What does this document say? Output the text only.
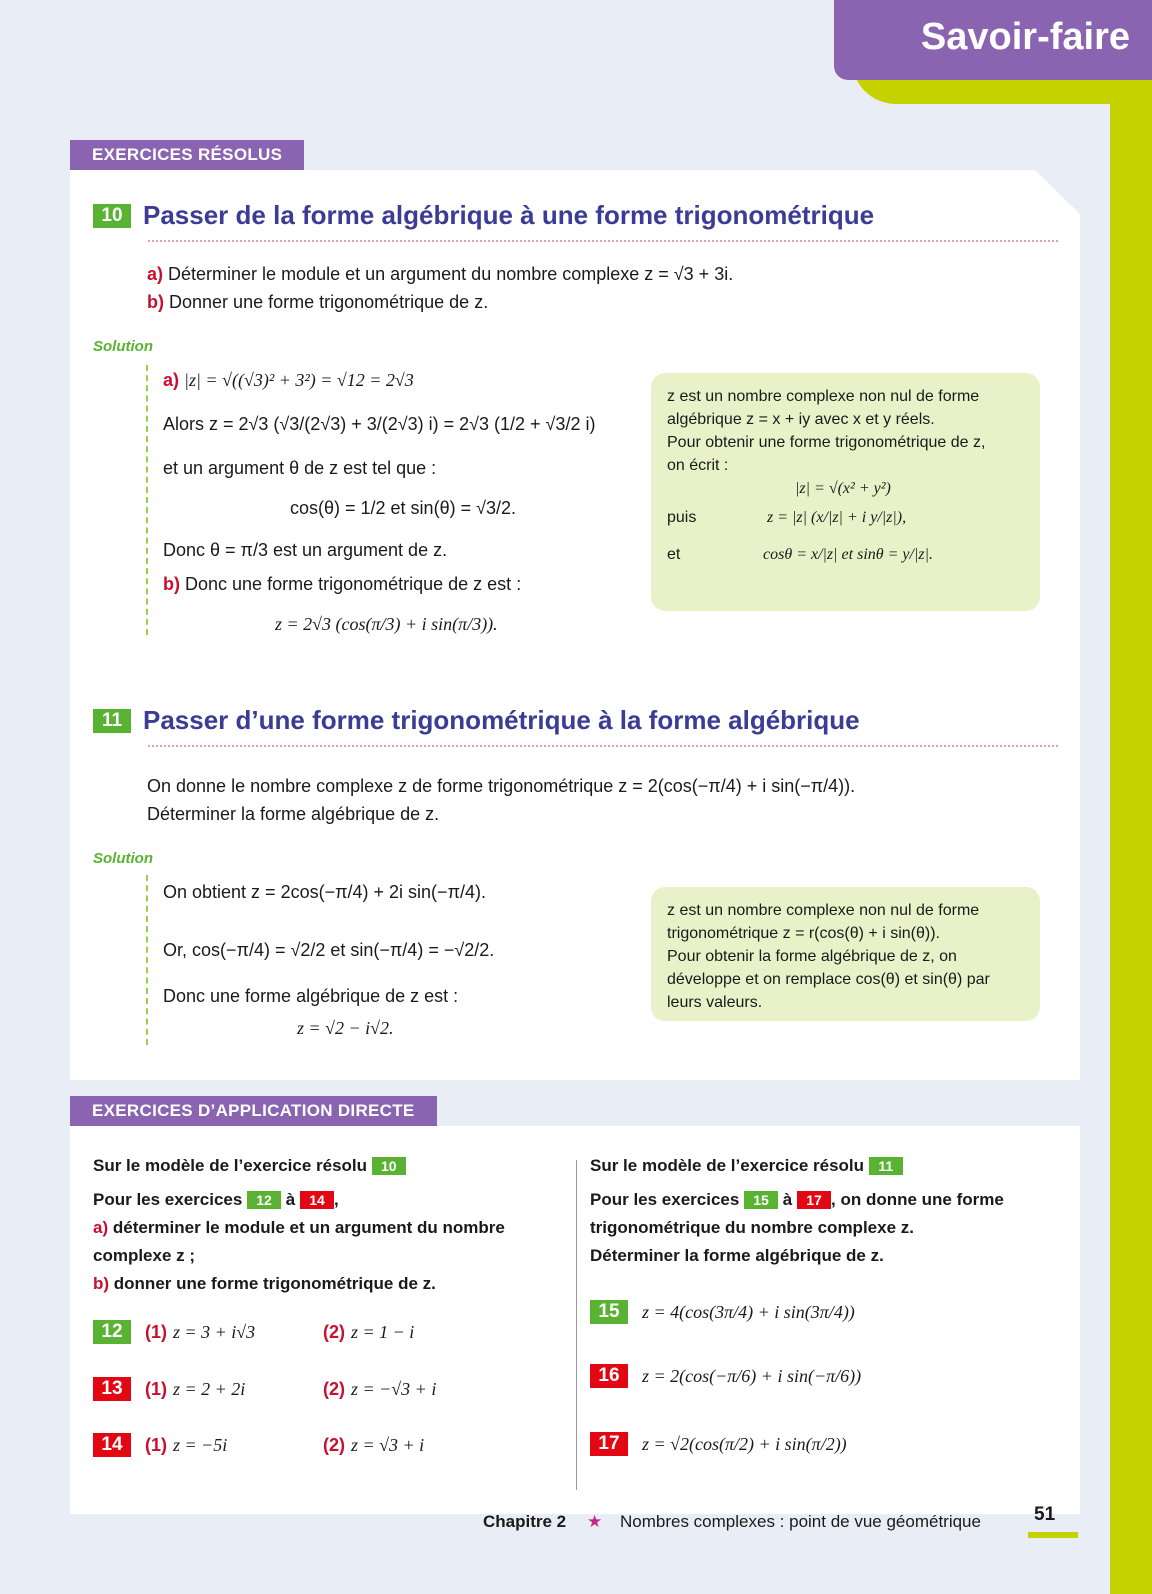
Savoir-faire
EXERCICES RÉSOLUS
10 Passer de la forme algébrique à une forme trigonométrique
a) Déterminer le module et un argument du nombre complexe z = √3 + 3i.
b) Donner une forme trigonométrique de z.
Solution
a) |z| = √((√3)² + 3²) = √12 = 2√3
Alors z = 2√3 (√3/(2√3) + 3/(2√3) i) = 2√3 (1/2 + √3/2 i)
et un argument θ de z est tel que :
cos(θ) = 1/2 et sin(θ) = √3/2.
Donc θ = π/3 est un argument de z.
b) Donc une forme trigonométrique de z est :
z = 2√3 (cos(π/3) + i sin(π/3)).
z est un nombre complexe non nul de forme
algébrique z = x + iy avec x et y réels.
Pour obtenir une forme trigonométrique de z,
on écrit :
|z| = √(x² + y²)
puis	z = |z| (x/|z| + i y/|z|),
et	cosθ = x/|z| et sinθ = y/|z|.
11 Passer d’une forme trigonométrique à la forme algébrique
On donne le nombre complexe z de forme trigonométrique z = 2(cos(−π/4) + i sin(−π/4)).
Déterminer la forme algébrique de z.
Solution
On obtient z = 2cos(−π/4) + 2i sin(−π/4).
Or, cos(−π/4) = √2/2 et sin(−π/4) = −√2/2.
Donc une forme algébrique de z est :
z = √2 − i√2.
z est un nombre complexe non nul de forme
trigonométrique z = r(cos(θ) + i sin(θ)).
Pour obtenir la forme algébrique de z, on
développe et on remplace cos(θ) et sin(θ) par
leurs valeurs.
EXERCICES D’APPLICATION DIRECTE
Sur le modèle de l’exercice résolu 10
Pour les exercices 12 à 14 ,
a) déterminer le module et un argument du nombre
complexe z ;
b) donner une forme trigonométrique de z.
12	(1) z = 3 + i√3	(2) z = 1 − i
13	(1) z = 2 + 2i	(2) z = −√3 + i
14	(1) z = −5i	(2) z = √3 + i
Sur le modèle de l’exercice résolu 11
Pour les exercices 15 à 17 , on donne une forme
trigonométrique du nombre complexe z.
Déterminer la forme algébrique de z.
15	z = 4(cos(3π/4) + i sin(3π/4))
16	z = 2(cos(−π/6) + i sin(−π/6))
17	z = √2(cos(π/2) + i sin(π/2))
Chapitre 2 ★ Nombres complexes : point de vue géométrique	51
